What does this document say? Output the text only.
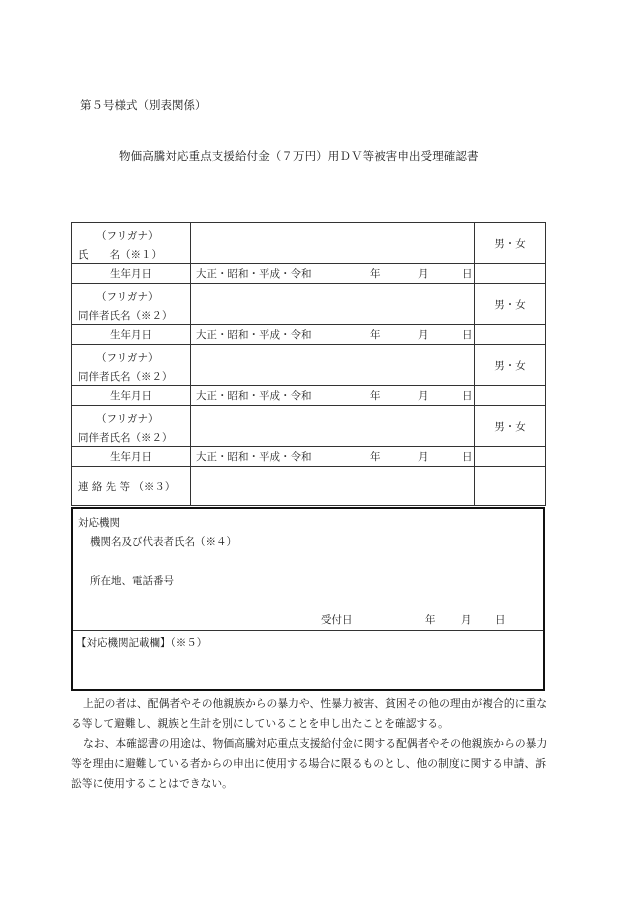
第５号様式（別表関係）
物価高騰対応重点支援給付金（７万円）用ＤＶ等被害申出受理確認書
（フリガナ）
氏　　名（※１）		男・女
生年月日	大正・昭和・平成・令和 年 月 日	

（フリガナ）
同伴者氏名（※２）		男・女
生年月日	大正・昭和・平成・令和 年 月 日	

（フリガナ）
同伴者氏名（※２）		男・女
生年月日	大正・昭和・平成・令和 年 月 日	

（フリガナ）
同伴者氏名（※２）		男・女
生年月日	大正・昭和・平成・令和 年 月 日	

連 絡 先 等 （※３）		
対応機関
機関名及び代表者氏名（※４）
所在地、電話番号
受付日	年 月 日
【対応機関記載欄】（※５）

上記の者は、配偶者やその他親族からの暴力や、性暴力被害、貧困その他の理由が複合的に重なる等して避難し、親族と生計を別にしていることを申し出たことを確認する。

なお、本確認書の用途は、物価高騰対応重点支援給付金に関する配偶者やその他親族からの暴力等を理由に避難している者からの申出に使用する場合に限るものとし、他の制度に関する申請、訴訟等に使用することはできない。
